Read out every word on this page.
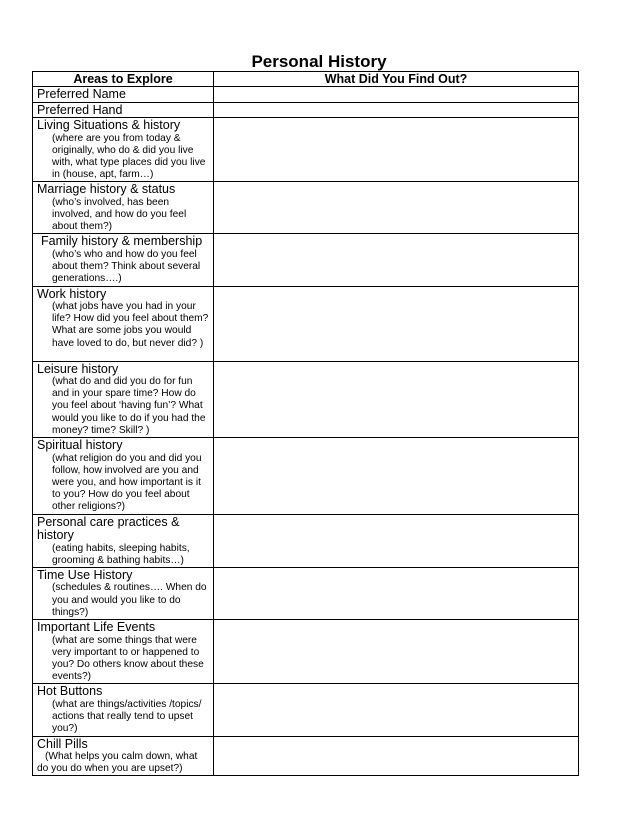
Personal History
Areas to Explore	What Did You Find Out?

Preferred Name	

Preferred Hand	

Living Situations & history
(where are you from today & originally, who do & did you live with, what type places did you live in (house, apt, farm…)	

Marriage history & status
(who’s involved, has been involved, and how do you feel about them?)	

Family history & membership
(who’s who and how do you feel about them? Think about several generations….)	

Work history
(what jobs have you had in your life? How did you feel about them? What are some jobs you would have loved to do, but never did? )	

Leisure history
(what do and did you do for fun and in your spare time? How do you feel about ‘having fun’? What would you like to do if you had the money? time? Skill? )	

Spiritual history
(what religion do you and did you follow, how involved are you and were you, and how important is it to you? How do you feel about other religions?)	

Personal care practices & history
(eating habits, sleeping habits, grooming & bathing habits…)	

Time Use History
(schedules & routines…. When do you and would you like to do things?)	

Important Life Events
(what are some things that were very important to or happened to you? Do others know about these events?)	

Hot Buttons
(what are things/activities /topics/ actions that really tend to upset you?)	

Chill Pills
(What helps you calm down, what do you do when you are upset?)	
